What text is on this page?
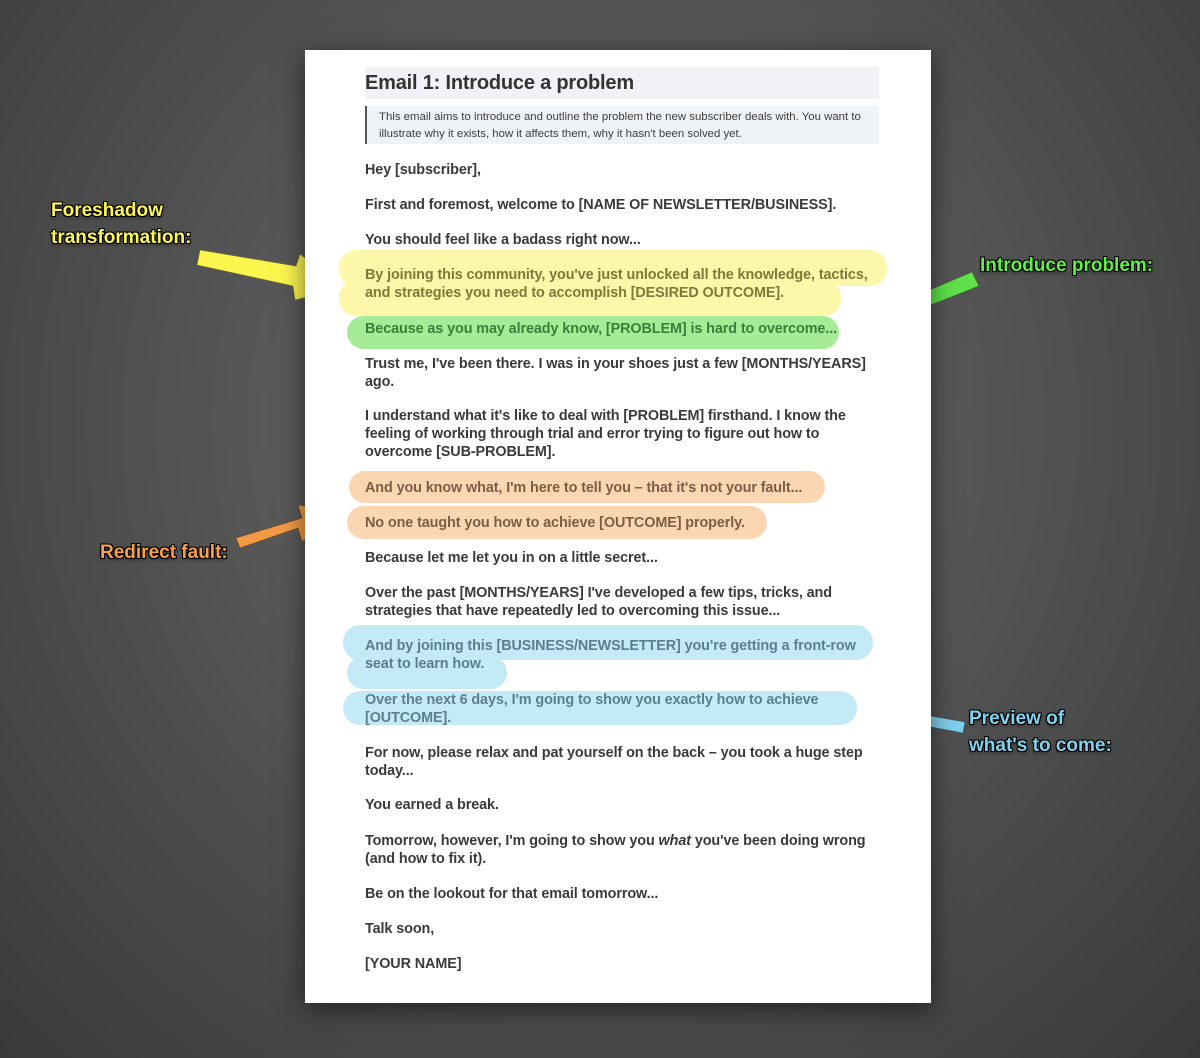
Email 1: Introduce a problem
This email aims to introduce and outline the problem the new subscriber deals with. You want to illustrate why it exists, how it affects them, why it hasn't been solved yet.
Hey [subscriber],
First and foremost, welcome to [NAME OF NEWSLETTER/BUSINESS].
You should feel like a badass right now...
By joining this community, you've just unlocked all the knowledge, tactics, and strategies you need to accomplish [DESIRED OUTCOME].
Because as you may already know, [PROBLEM] is hard to overcome...
Trust me, I've been there. I was in your shoes just a few [MONTHS/YEARS] ago.
I understand what it's like to deal with [PROBLEM] firsthand. I know the feeling of working through trial and error trying to figure out how to overcome [SUB-PROBLEM].
And you know what, I'm here to tell you – that it's not your fault...
No one taught you how to achieve [OUTCOME] properly.
Because let me let you in on a little secret...
Over the past [MONTHS/YEARS] I've developed a few tips, tricks, and strategies that have repeatedly led to overcoming this issue...
And by joining this [BUSINESS/NEWSLETTER] you're getting a front-row seat to learn how.
Over the next 6 days, I'm going to show you exactly how to achieve [OUTCOME].
For now, please relax and pat yourself on the back – you took a huge step today...
You earned a break.
Tomorrow, however, I'm going to show you what you've been doing wrong (and how to fix it).
Be on the lookout for that email tomorrow...
Talk soon,
[YOUR NAME]
Foreshadow
transformation:
Introduce problem:
Redirect fault:
Preview of
what's to come:
